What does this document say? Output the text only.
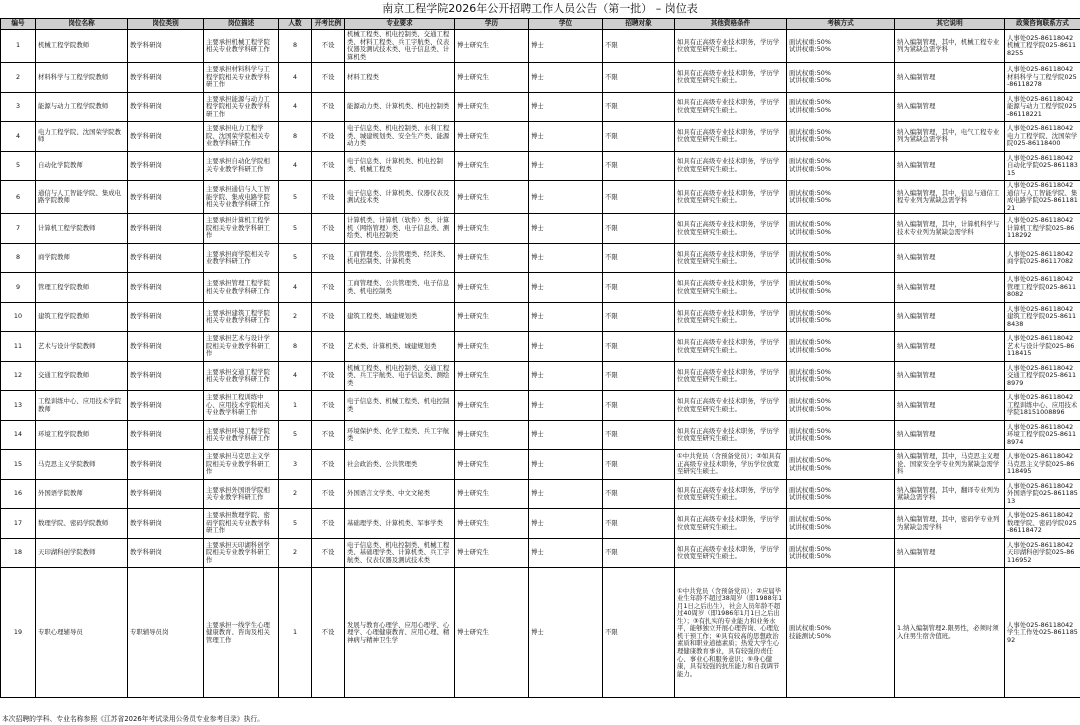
南京工程学院2026年公开招聘工作人员公告（第一批） – 岗位表
编号	岗位名称	岗位类别	岗位描述	人数	开考比例	专业要求	学历	学位	招聘对象	其他资格条件	考核方式	其它说明	政策咨询联系方式
1	机械工程学院教师	教学科研岗	主要承担机械工程学院相关专业教学科研工作	8	不设	机械工程类、机电控制类、交通工程类、材料工程类、兵工宇航类、仪表仪器及测试技术类、电子信息类、计算机类	博士研究生	博士	不限	如具有正高级专业技术职务，学历学位放宽至研究生硕士。	面试权重:50%
试讲权重:50%	纳入编制管理，其中，机械工程专业列为紧缺急需学科	人事处025-86118042
机械工程学院025-86118255
2	材料科学与工程学院教师	教学科研岗	主要承担材料科学与工程学院相关专业教学科研工作	4	不设	材料工程类	博士研究生	博士	不限	如具有正高级专业技术职务，学历学位放宽至研究生硕士。	面试权重:50%
试讲权重:50%	纳入编制管理	人事处025-86118042
材料科学与工程学院025-86118278
3	能源与动力工程学院教师	教学科研岗	主要承担能源与动力工程学院相关专业教学科研工作	4	不设	能源动力类、计算机类、机电控制类	博士研究生	博士	不限	如具有正高级专业技术职务，学历学位放宽至研究生硕士。	面试权重:50%
试讲权重:50%	纳入编制管理	人事处025-86118042
能源与动力工程学院025-86118221
4	电力工程学院、沈国荣学院教师	教学科研岗	主要承担电力工程学院、沈国荣学院相关专业教学科研工作	8	不设	电子信息类、机电控制类、水利工程类、城建规划类、安全生产类、能源动力类	博士研究生	博士	不限	如具有正高级专业技术职务，学历学位放宽至研究生硕士。	面试权重:50%
试讲权重:50%	纳入编制管理，其中，电气工程专业列为紧缺急需学科	人事处025-86118042
电力工程学院、沈国荣学院025-86118400
5	自动化学院教师	教学科研岗	主要承担自动化学院相关专业教学科研工作	4	不设	电子信息类、计算机类、机电控制类、机械工程类	博士研究生	博士	不限	如具有正高级专业技术职务，学历学位放宽至研究生硕士。	面试权重:50%
试讲权重:50%	纳入编制管理	人事处025-86118042
自动化学院025-86118315
6	通信与人工智能学院、集成电路学院教师	教学科研岗	主要承担通信与人工智能学院、集成电路学院相关专业教学科研工作	5	不设	电子信息类、计算机类、仪器仪表及测试技术类	博士研究生	博士	不限	如具有正高级专业技术职务，学历学位放宽至研究生硕士。	面试权重:50%
试讲权重:50%	纳入编制管理，其中，信息与通信工程专业列为紧缺急需学科	人事处025-86118042
通信与人工智能学院、集成电路学院025-86118121
7	计算机工程学院教师	教学科研岗	主要承担计算机工程学院相关专业教学科研工作	5	不设	计算机类、计算机（软件）类、计算机（网络管理）类、电子信息类、测绘类、机电控制类	博士研究生	博士	不限	如具有正高级专业技术职务，学历学位放宽至研究生硕士。	面试权重:50%
试讲权重:50%	纳入编制管理，其中，计算机科学与技术专业列为紧缺急需学科	人事处025-86118042
计算机工程学院025-86118292
8	商学院教师	教学科研岗	主要承担商学院相关专业教学科研工作	5	不设	工商管理类、公共管理类、经济类、机电控制类、计算机类	博士研究生	博士	不限	如具有正高级专业技术职务，学历学位放宽至研究生硕士。	面试权重:50%
试讲权重:50%	纳入编制管理	人事处025-86118042
商学院025-86117082
9	管理工程学院教师	教学科研岗	主要承担管理工程学院相关专业教学科研工作	4	不设	工商管理类、公共管理类、电子信息类、机电控制类	博士研究生	博士	不限	如具有正高级专业技术职务，学历学位放宽至研究生硕士。	面试权重:50%
试讲权重:50%	纳入编制管理	人事处025-86118042
管理工程学院025-86118082
10	建筑工程学院教师	教学科研岗	主要承担建筑工程学院相关专业教学科研工作	2	不设	建筑工程类、城建规划类	博士研究生	博士	不限	如具有正高级专业技术职务，学历学位放宽至研究生硕士。	面试权重:50%
试讲权重:50%	纳入编制管理	人事处025-86118042
建筑工程学院025-86118438
11	艺术与设计学院教师	教学科研岗	主要承担艺术与设计学院相关专业教学科研工作	8	不设	艺术类、计算机类、城建规划类	博士研究生	博士	不限	如具有正高级专业技术职务，学历学位放宽至研究生硕士。	面试权重:50%
试讲权重:50%	纳入编制管理	人事处025-86118042
艺术与设计学院025-86118415
12	交通工程学院教师	教学科研岗	主要承担交通工程学院相关专业教学科研工作	4	不设	机械工程类、机电控制类、交通工程类、兵工宇航类、电子信息类、测绘类	博士研究生	博士	不限	如具有正高级专业技术职务，学历学位放宽至研究生硕士。	面试权重:50%
试讲权重:50%	纳入编制管理	人事处025-86118042
交通工程学院025-86118979
13	工程训练中心、应用技术学院教师	教学科研岗	主要承担工程训练中心、应用技术学院相关专业教学科研工作	1	不设	电子信息类、机械工程类、机电控制类	博士研究生	博士	不限	如具有正高级专业技术职务，学历学位放宽至研究生硕士。	面试权重:50%
试讲权重:50%	纳入编制管理	人事处025-86118042
工程训练中心、应用技术学院18151008896
14	环境工程学院教师	教学科研岗	主要承担环境工程学院相关专业教学科研工作	5	不设	环境保护类、化学工程类、兵工宇航类	博士研究生	博士	不限	如具有正高级专业技术职务，学历学位放宽至研究生硕士。	面试权重:50%
试讲权重:50%	纳入编制管理	人事处025-86118042
环境工程学院025-86118974
15	马克思主义学院教师	教学科研岗	主要承担马克思主义学院相关专业教学科研工作	3	不设	社会政治类、公共管理类	博士研究生	博士	不限	①中共党员（含预备党员）；②如具有正高级专业技术职务，学历学位放宽至研究生硕士。	面试权重:50%
试讲权重:50%	纳入编制管理，其中，马克思主义理论、国家安全学专业列为紧缺急需学科	人事处025-86118042
马克思主义学院025-86118495
16	外国语学院教师	教学科研岗	主要承担外国语学院相关专业教学科研工作	2	不设	外国语言文学类、中文文秘类	博士研究生	博士	不限	如具有正高级专业技术职务，学历学位放宽至研究生硕士。	面试权重:50%
试讲权重:50%	纳入编制管理，其中，翻译专业列为紧缺急需学科	人事处025-86118042
外国语学院025-86118513
17	数理学院、密码学院教师	教学科研岗	主要承担数理学院、密码学院相关专业教学科研工作	5	不设	基础理学类、计算机类、军事学类	博士研究生	博士	不限	如具有正高级专业技术职务，学历学位放宽至研究生硕士。	面试权重:50%
试讲权重:50%	纳入编制管理，其中，密码学专业列为紧缺急需学科	人事处025-86118042
数理学院、密码学院025-86118472
18	天印湖科创学院教师	教学科研岗	主要承担天印湖科创学院相关专业教学科研工作	2	不设	电子信息类、机电控制类、机械工程类、基础理学类、计算机类、兵工宇航类、仪表仪器及测试技术类	博士研究生	博士	不限	如具有正高级专业技术职务，学历学位放宽至研究生硕士。	面试权重:50%
试讲权重:50%	纳入编制管理	人事处025-86118042
天印湖科创学院025-86116952
19	专职心理辅导员	专职辅导员岗	主要承担一线学生心理健康教育、咨询及相关管理工作	1	不设	发展与教育心理学、应用心理学、心理学、心理健康教育、应用心理、精神病与精神卫生学	博士研究生	博士	不限	①中共党员（含预备党员）；②应届毕业生年龄不超过38周岁（即1988年1月1日之后出生），社会人员年龄不超过40周岁（即1986年1月1日之后出生）；③有扎实的专业能力和业务水平，能够独立开展心理咨询、心理危机干预工作；④具有较高的思想政治素质和职业道德素质；热爱大学生心理健康教育事业，具有较强的责任心、事业心和服务意识；⑤身心健康，具有较强的抗压能力和自我调节能力。	面试权重:50%
技能测试:50%	1.纳入编制管理2.限男性，必须时须入住男生宿舍值班。	人事处025-86118042
学生工作处025-86118592
本次招聘的学科、专业名称参照《江苏省2026年考试录用公务员专业参考目录》执行。
